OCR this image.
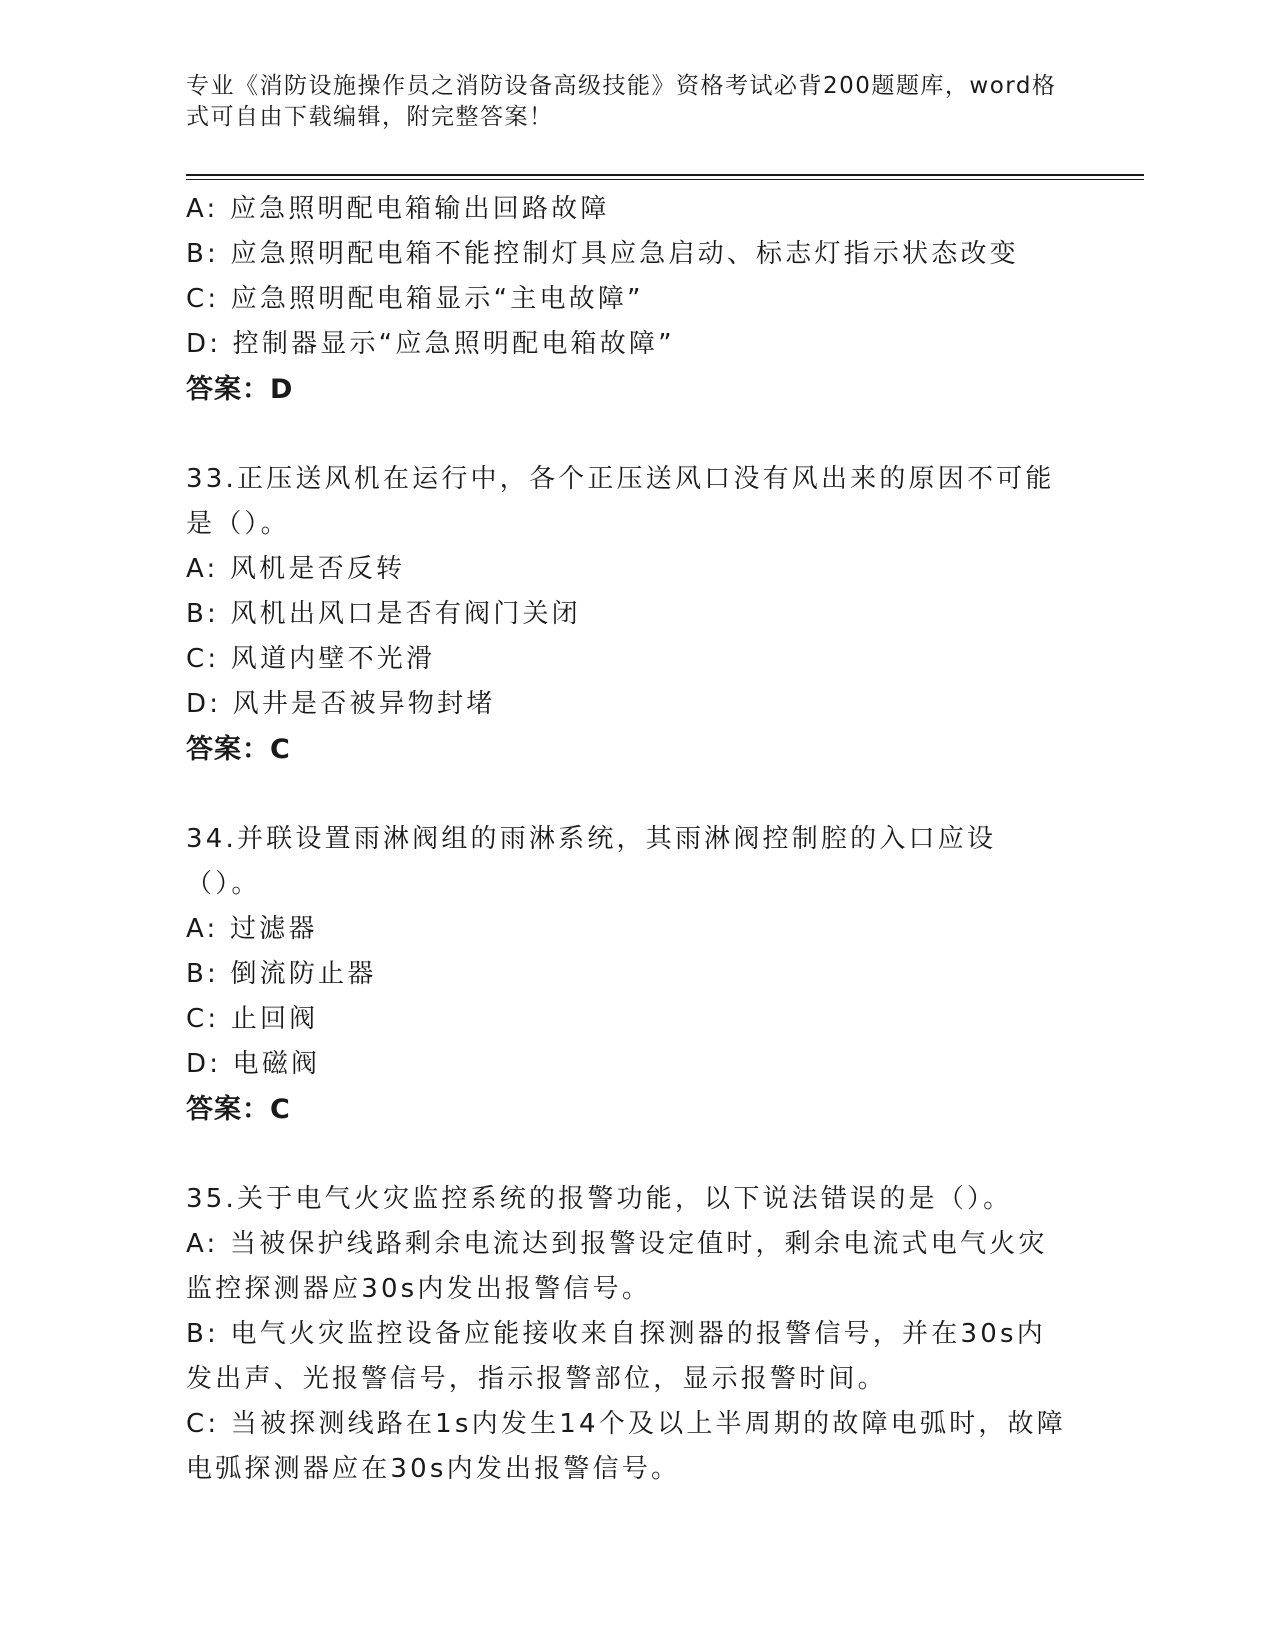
专业《消防设施操作员之消防设备高级技能》资格考试必背200题题库，word格式可自由下载编辑，附完整答案！
A: 应急照明配电箱输出回路故障
B: 应急照明配电箱不能控制灯具应急启动、标志灯指示状态改变
C: 应急照明配电箱显示“主电故障”
D: 控制器显示“应急照明配电箱故障”
答案：D
33.正压送风机在运行中，各个正压送风口没有风出来的原因不可能是（）。
A: 风机是否反转
B: 风机出风口是否有阀门关闭
C: 风道内壁不光滑
D: 风井是否被异物封堵
答案：C
34.并联设置雨淋阀组的雨淋系统，其雨淋阀控制腔的入口应设（）。
A: 过滤器
B: 倒流防止器
C: 止回阀
D: 电磁阀
答案：C
35.关于电气火灾监控系统的报警功能，以下说法错误的是（）。
A: 当被保护线路剩余电流达到报警设定值时，剩余电流式电气火灾监控探测器应30s内发出报警信号。
B: 电气火灾监控设备应能接收来自探测器的报警信号，并在30s内发出声、光报警信号，指示报警部位，显示报警时间。
C: 当被探测线路在1s内发生14个及以上半周期的故障电弧时，故障电弧探测器应在30s内发出报警信号。
